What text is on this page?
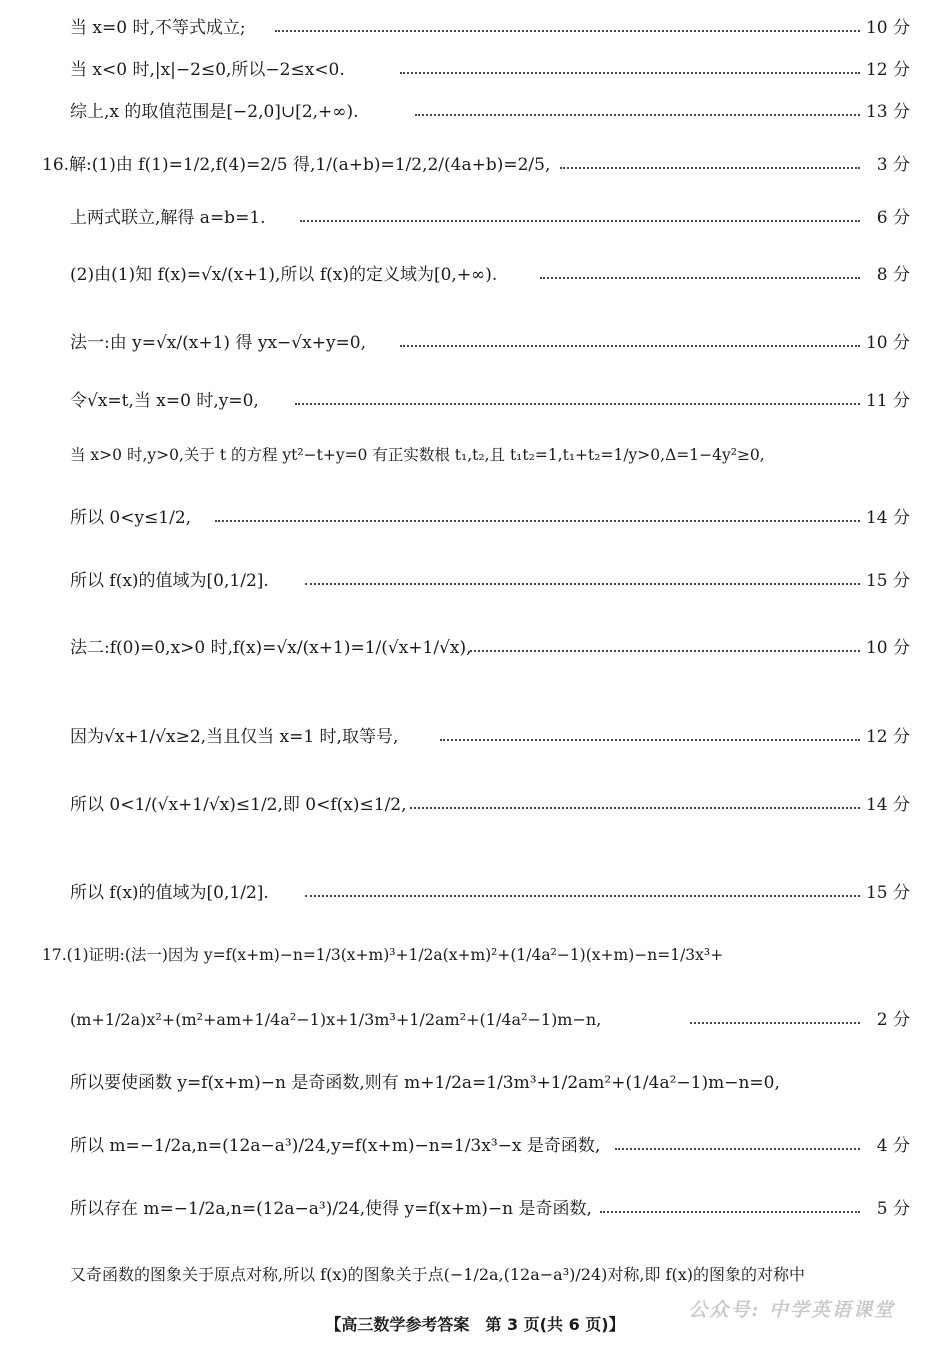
当 x=0 时,不等式成立;	10 分
当 x<0 时,|x|−2≤0,所以−2≤x<0.	12 分
综上,x 的取值范围是[−2,0]∪[2,+∞).	13 分
16.解:(1)由 f(1)=1/2,f(4)=2/5 得,1/(a+b)=1/2,2/(4a+b)=2/5,	3 分
上两式联立,解得 a=b=1.	6 分
(2)由(1)知 f(x)=√x/(x+1),所以 f(x)的定义域为[0,+∞).	8 分
法一:由 y=√x/(x+1) 得 yx−√x+y=0,	10 分
令√x=t,当 x=0 时,y=0,	11 分
当 x>0 时,y>0,关于 t 的方程 yt²−t+y=0 有正实数根 t₁,t₂,且 t₁t₂=1,t₁+t₂=1/y>0,Δ=1−4y²≥0,
所以 0<y≤1/2,	14 分
所以 f(x)的值域为[0,1/2].	15 分
法二:f(0)=0,x>0 时,f(x)=√x/(x+1)=1/(√x+1/√x),	10 分
因为√x+1/√x≥2,当且仅当 x=1 时,取等号,	12 分
所以 0<1/(√x+1/√x)≤1/2,即 0<f(x)≤1/2,	14 分
所以 f(x)的值域为[0,1/2].	15 分
17.(1)证明:(法一)因为 y=f(x+m)−n=1/3(x+m)³+1/2a(x+m)²+(1/4a²−1)(x+m)−n=1/3x³+
(m+1/2a)x²+(m²+am+1/4a²−1)x+1/3m³+1/2am²+(1/4a²−1)m−n,	2 分
所以要使函数 y=f(x+m)−n 是奇函数,则有 m+1/2a=1/3m³+1/2am²+(1/4a²−1)m−n=0,
所以 m=−1/2a,n=(12a−a³)/24,y=f(x+m)−n=1/3x³−x 是奇函数,	4 分
所以存在 m=−1/2a,n=(12a−a³)/24,使得 y=f(x+m)−n 是奇函数,	5 分
又奇函数的图象关于原点对称,所以 f(x)的图象关于点(−1/2a,(12a−a³)/24)对称,即 f(x)的图象的对称中
公众号: 中学英语课堂
【高三数学参考答案　第 3 页(共 6 页)】
